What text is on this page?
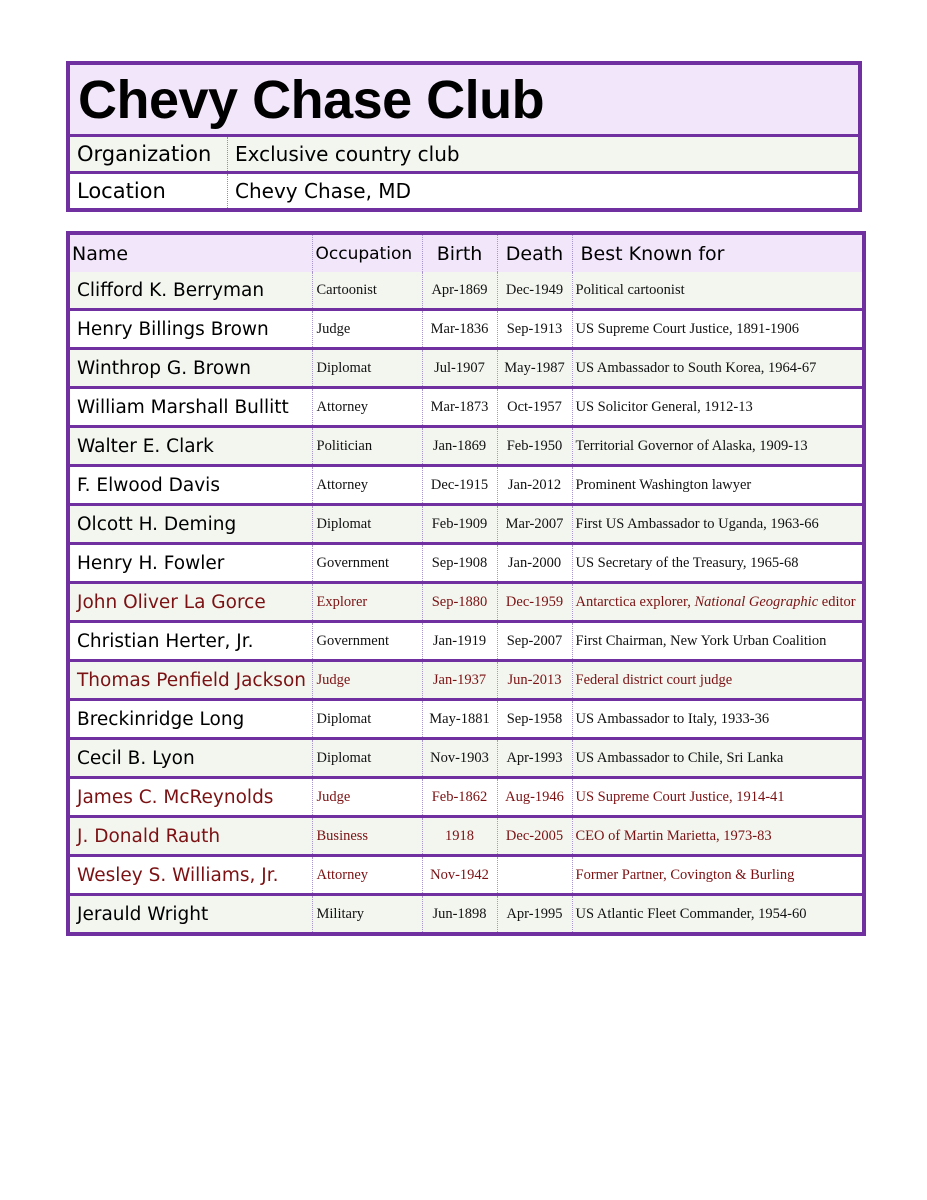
Chevy Chase Club
Organization	Exclusive country club
Location	Chevy Chase, MD
Name	Occupation	Birth	Death	Best Known for
Clifford K. Berryman	Cartoonist	Apr-1869	Dec-1949	Political cartoonist
Henry Billings Brown	Judge	Mar-1836	Sep-1913	US Supreme Court Justice, 1891-1906
Winthrop G. Brown	Diplomat	Jul-1907	May-1987	US Ambassador to South Korea, 1964-67
William Marshall Bullitt	Attorney	Mar-1873	Oct-1957	US Solicitor General, 1912-13
Walter E. Clark	Politician	Jan-1869	Feb-1950	Territorial Governor of Alaska, 1909-13
F. Elwood Davis	Attorney	Dec-1915	Jan-2012	Prominent Washington lawyer
Olcott H. Deming	Diplomat	Feb-1909	Mar-2007	First US Ambassador to Uganda, 1963-66
Henry H. Fowler	Government	Sep-1908	Jan-2000	US Secretary of the Treasury, 1965-68
John Oliver La Gorce	Explorer	Sep-1880	Dec-1959	Antarctica explorer, National Geographic editor
Christian Herter, Jr.	Government	Jan-1919	Sep-2007	First Chairman, New York Urban Coalition
Thomas Penfield Jackson	Judge	Jan-1937	Jun-2013	Federal district court judge
Breckinridge Long	Diplomat	May-1881	Sep-1958	US Ambassador to Italy, 1933-36
Cecil B. Lyon	Diplomat	Nov-1903	Apr-1993	US Ambassador to Chile, Sri Lanka
James C. McReynolds	Judge	Feb-1862	Aug-1946	US Supreme Court Justice, 1914-41
J. Donald Rauth	Business	1918	Dec-2005	CEO of Martin Marietta, 1973-83
Wesley S. Williams, Jr.	Attorney	Nov-1942		Former Partner, Covington & Burling
Jerauld Wright	Military	Jun-1898	Apr-1995	US Atlantic Fleet Commander, 1954-60
